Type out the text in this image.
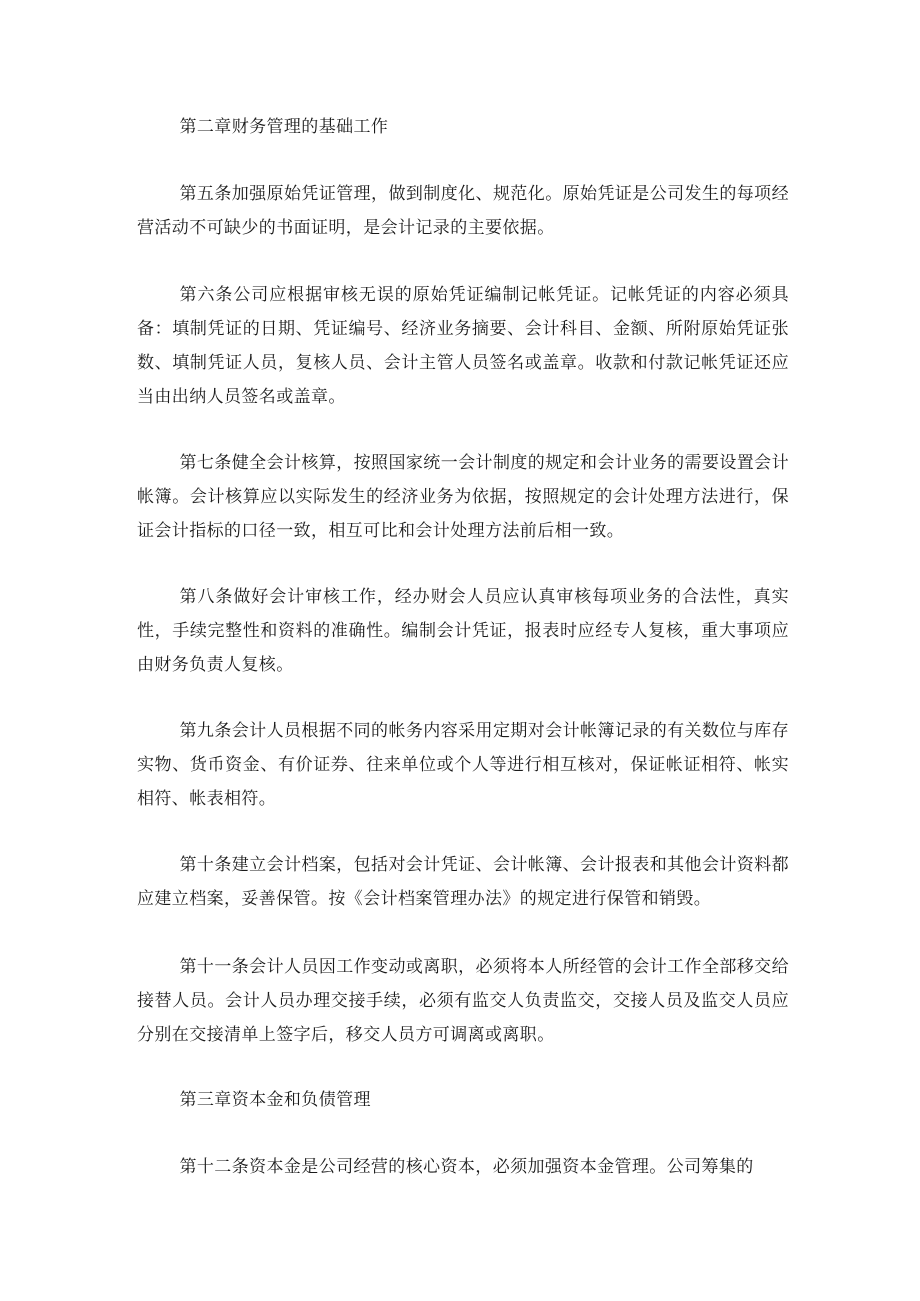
第二章财务管理的基础工作

第五条加强原始凭证管理，做到制度化、规范化。原始凭证是公司发生的每项经营活动不可缺少的书面证明，是会计记录的主要依据。

第六条公司应根据审核无误的原始凭证编制记帐凭证。记帐凭证的内容必须具备：填制凭证的日期、凭证编号、经济业务摘要、会计科目、金额、所附原始凭证张数、填制凭证人员，复核人员、会计主管人员签名或盖章。收款和付款记帐凭证还应当由出纳人员签名或盖章。

第七条健全会计核算，按照国家统一会计制度的规定和会计业务的需要设置会计帐簿。会计核算应以实际发生的经济业务为依据，按照规定的会计处理方法进行，保证会计指标的口径一致，相互可比和会计处理方法前后相一致。

第八条做好会计审核工作，经办财会人员应认真审核每项业务的合法性，真实性，手续完整性和资料的准确性。编制会计凭证，报表时应经专人复核，重大事项应由财务负责人复核。

第九条会计人员根据不同的帐务内容采用定期对会计帐簿记录的有关数位与库存实物、货币资金、有价证券、往来单位或个人等进行相互核对，保证帐证相符、帐实相符、帐表相符。

第十条建立会计档案，包括对会计凭证、会计帐簿、会计报表和其他会计资料都应建立档案，妥善保管。按《会计档案管理办法》的规定进行保管和销毁。

第十一条会计人员因工作变动或离职，必须将本人所经管的会计工作全部移交给接替人员。会计人员办理交接手续，必须有监交人负责监交，交接人员及监交人员应分别在交接清单上签字后，移交人员方可调离或离职。

第三章资本金和负债管理

第十二条资本金是公司经营的核心资本，必须加强资本金管理。公司筹集的
